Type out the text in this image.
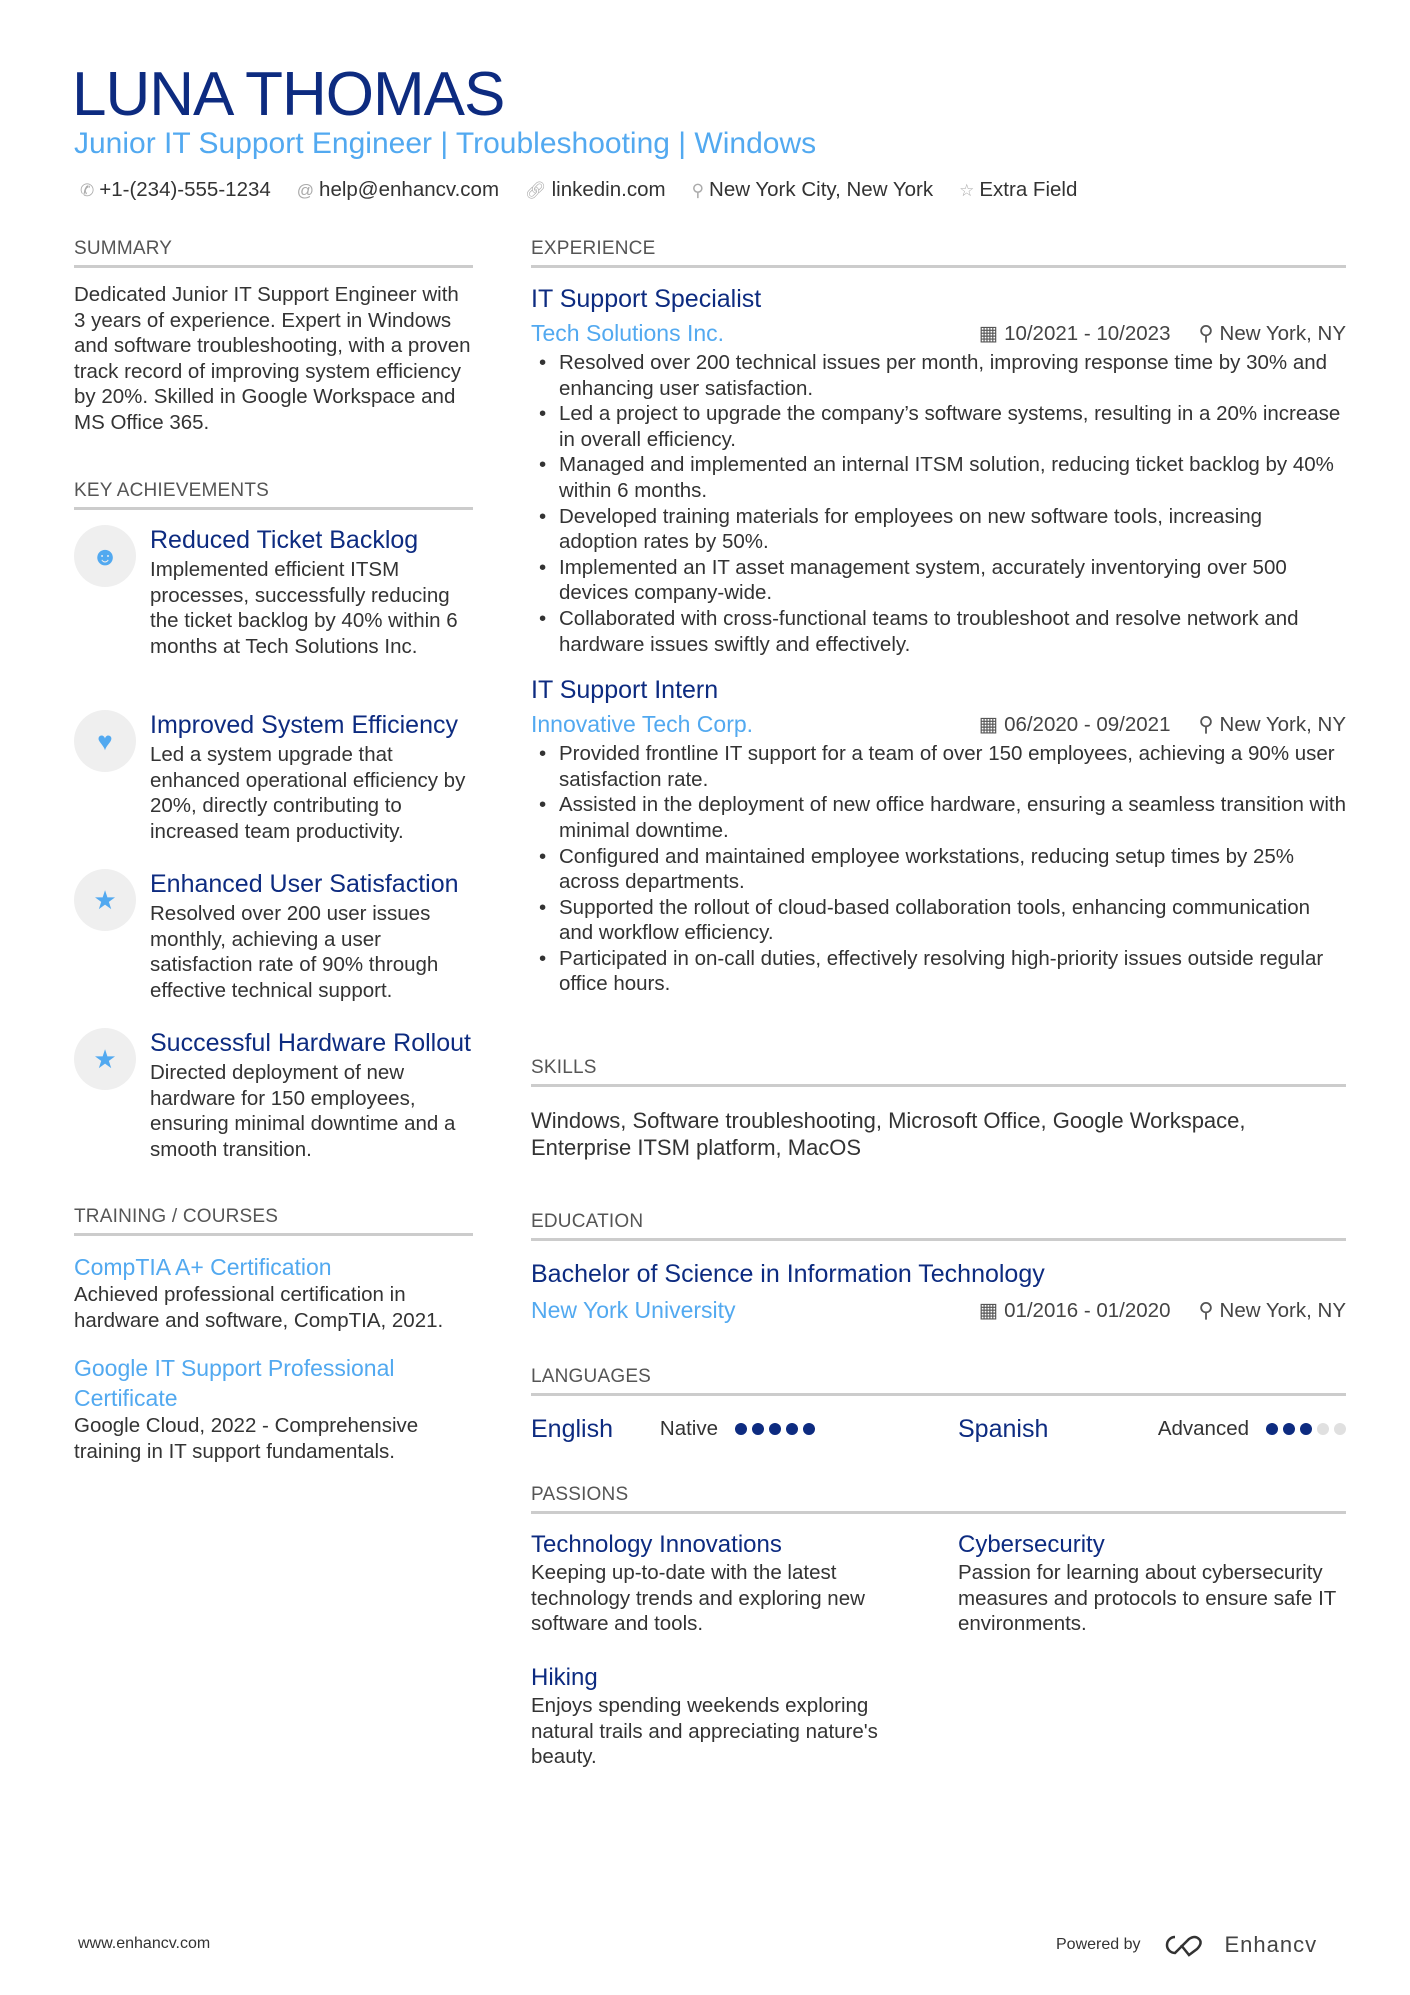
LUNA THOMAS
Junior IT Support Engineer | Troubleshooting | Windows
✆ +1-(234)-555-1234 @ help@enhancv.com 🔗︎ linkedin.com ⚲ New York City, New York ☆ Extra Field
SUMMARY
Dedicated Junior IT Support Engineer with 3 years of experience. Expert in Windows and software troubleshooting, with a proven track record of improving system efficiency by 20%. Skilled in Google Workspace and MS Office 365.
KEY ACHIEVEMENTS
☻
Reduced Ticket Backlog
Implemented efficient ITSM processes, successfully reducing the ticket backlog by 40% within 6 months at Tech Solutions Inc.
♥
Improved System Efficiency
Led a system upgrade that enhanced operational efficiency by 20%, directly contributing to increased team productivity.
★
Enhanced User Satisfaction
Resolved over 200 user issues monthly, achieving a user satisfaction rate of 90% through effective technical support.
★
Successful Hardware Rollout
Directed deployment of new hardware for 150 employees, ensuring minimal downtime and a smooth transition.
TRAINING / COURSES
CompTIA A+ Certification
Achieved professional certification in hardware and software, CompTIA, 2021.
Google IT Support Professional Certificate
Google Cloud, 2022 - Comprehensive training in IT support fundamentals.
EXPERIENCE
IT Support Specialist
Tech Solutions Inc.	▦ 10/2021 - 10/2023 ⚲ New York, NY
• Resolved over 200 technical issues per month, improving response time by 30% and enhancing user satisfaction.
• Led a project to upgrade the company’s software systems, resulting in a 20% increase in overall efficiency.
• Managed and implemented an internal ITSM solution, reducing ticket backlog by 40% within 6 months.
• Developed training materials for employees on new software tools, increasing adoption rates by 50%.
• Implemented an IT asset management system, accurately inventorying over 500 devices company-wide.
• Collaborated with cross-functional teams to troubleshoot and resolve network and hardware issues swiftly and effectively.
IT Support Intern
Innovative Tech Corp.	▦ 06/2020 - 09/2021 ⚲ New York, NY
• Provided frontline IT support for a team of over 150 employees, achieving a 90% user satisfaction rate.
• Assisted in the deployment of new office hardware, ensuring a seamless transition with minimal downtime.
• Configured and maintained employee workstations, reducing setup times by 25% across departments.
• Supported the rollout of cloud-based collaboration tools, enhancing communication and workflow efficiency.
• Participated in on-call duties, effectively resolving high-priority issues outside regular office hours.
SKILLS
Windows, Software troubleshooting, Microsoft Office, Google Workspace, Enterprise ITSM platform, MacOS
EDUCATION
Bachelor of Science in Information Technology
New York University	▦ 01/2016 - 01/2020 ⚲ New York, NY
LANGUAGES
English Native	Spanish	Advanced
PASSIONS
Technology Innovations
Keeping up-to-date with the latest technology trends and exploring new software and tools.
Cybersecurity
Passion for learning about cybersecurity measures and protocols to ensure safe IT environments.
Hiking
Enjoys spending weekends exploring natural trails and appreciating nature's beauty.
www.enhancv.com	Powered by	Enhancv
